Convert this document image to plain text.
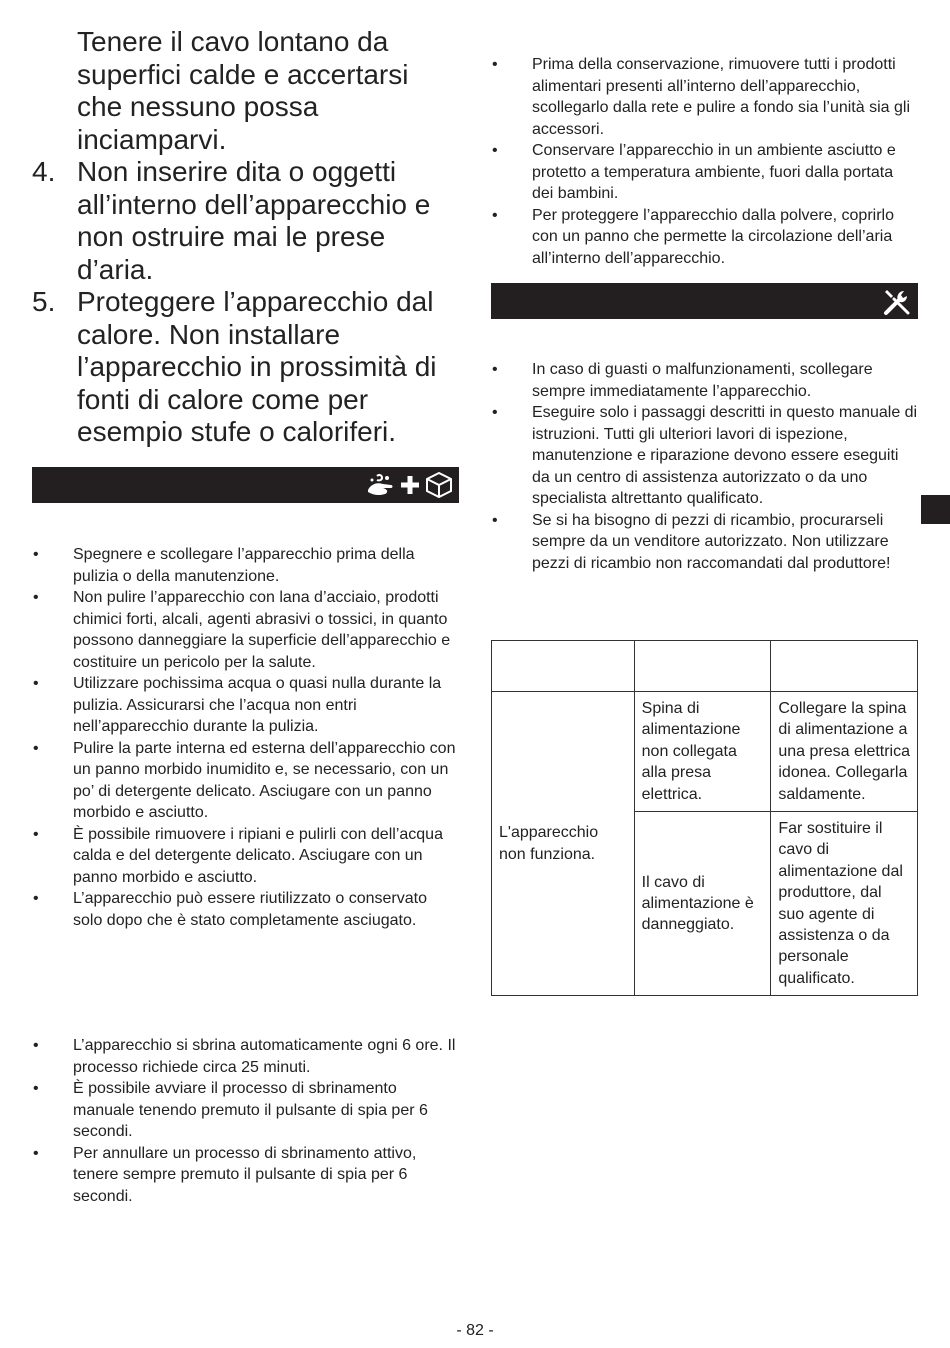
Tenere il cavo lontano da superfici calde e accertarsi che nessuno possa inciamparvi.

4. Non inserire dita o oggetti all’interno dell’apparecchio e non ostruire mai le prese d’aria.
5. Proteggere l’apparecchio dal calore. Non installare l’apparecchio in prossimità di fonti di calore come per esempio stufe o caloriferi.
• Spegnere e scollegare l’apparecchio prima della pulizia o della manutenzione.
• Non pulire l’apparecchio con lana d’acciaio, prodotti chimici forti, alcali, agenti abrasivi o tossici, in quanto possono danneggiare la superficie dell’apparecchio e costituire un pericolo per la salute.
• Utilizzare pochissima acqua o quasi nulla durante la pulizia. Assicurarsi che l’acqua non entri nell’apparecchio durante la pulizia.
• Pulire la parte interna ed esterna dell’apparecchio con un panno morbido inumidito e, se necessario, con un po’ di detergente delicato. Asciugare con un panno morbido e asciutto.
• È possibile rimuovere i ripiani e pulirli con dell’acqua calda e del detergente delicato. Asciugare con un panno morbido e asciutto.
• L’apparecchio può essere riutilizzato o conservato solo dopo che è stato completamente asciugato.
• L’apparecchio si sbrina automaticamente ogni 6 ore. Il processo richiede circa 25 minuti.
• È possibile avviare il processo di sbrinamento manuale tenendo premuto il pulsante di spia per 6 secondi.
• Per annullare un processo di sbrinamento attivo, tenere sempre premuto il pulsante di spia per 6 secondi.
• Prima della conservazione, rimuovere tutti i prodotti alimentari presenti all’interno dell’apparecchio, scollegarlo dalla rete e pulire a fondo sia l’unità sia gli accessori.
• Conservare l’apparecchio in un ambiente asciutto e protetto a temperatura ambiente, fuori dalla portata dei bambini.
• Per proteggere l’apparecchio dalla polvere, coprirlo con un panno che permette la circolazione dell’aria all’interno dell’apparecchio.
• In caso di guasti o malfunzionamenti, scollegare sempre immediatamente l’apparecchio.
• Eseguire solo i passaggi descritti in questo manuale di istruzioni. Tutti gli ulteriori lavori di ispezione, manutenzione e riparazione devono essere eseguiti da un centro di assistenza autorizzato o da uno specialista altrettanto qualificato.
• Se si ha bisogno di pezzi di ricambio, procurarseli sempre da un venditore autorizzato. Non utilizzare pezzi di ricambio non raccomandati dal produttore!

L'apparecchio non funziona.	Spina di alimentazione non collegata alla presa elettrica.	Collegare la spina di alimentazione a una presa elettrica idonea. Collegarla saldamente.
	Il cavo di alimentazione è danneggiato.	Far sostituire il cavo di alimentazione dal produttore, dal suo agente di assistenza o da personale qualificato.
- 82 -
